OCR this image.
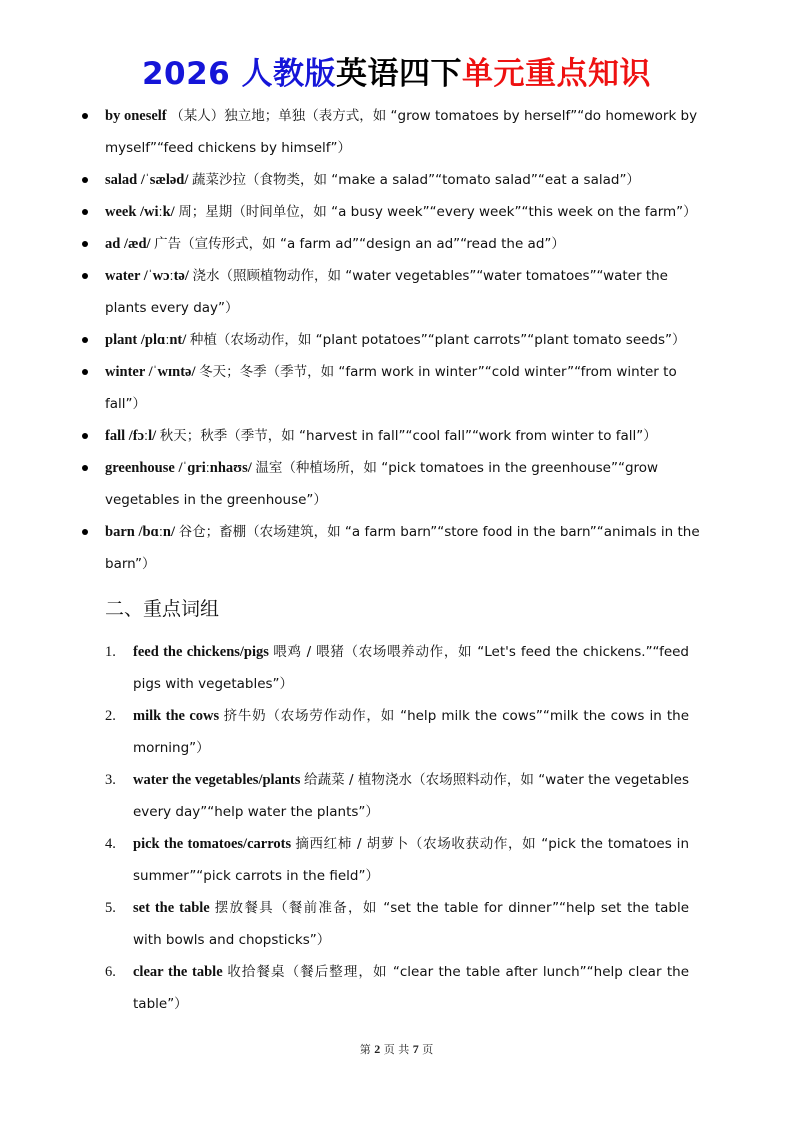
2026 人教版英语四下单元重点知识
by oneself （某人）独立地；单独（表方式，如 “grow tomatoes by herself”“do homework by myself”“feed chickens by himself”）
salad /ˈsæləd/ 蔬菜沙拉（食物类，如 “make a salad”“tomato salad”“eat a salad”）
week /wiːk/ 周；星期（时间单位，如 “a busy week”“every week”“this week on the farm”）
ad /æd/ 广告（宣传形式，如 “a farm ad”“design an ad”“read the ad”）
water /ˈwɔːtə/ 浇水（照顾植物动作，如 “water vegetables”“water tomatoes”“water the plants every day”）
plant /plɑːnt/ 种植（农场动作，如 “plant potatoes”“plant carrots”“plant tomato seeds”）
winter /ˈwɪntə/ 冬天；冬季（季节，如 “farm work in winter”“cold winter”“from winter to fall”）
fall /fɔːl/ 秋天；秋季（季节，如 “harvest in fall”“cool fall”“work from winter to fall”）
greenhouse /ˈɡriːnhaʊs/ 温室（种植场所，如 “pick tomatoes in the greenhouse”“grow vegetables in the greenhouse”）
barn /bɑːn/ 谷仓；畜棚（农场建筑，如 “a farm barn”“store food in the barn”“animals in the barn”）
二、重点词组
1. feed the chickens/pigs 喂鸡 / 喂猪（农场喂养动作，如 “Let's feed the chickens.”“feed pigs with vegetables”）
2. milk the cows 挤牛奶（农场劳作动作，如 “help milk the cows”“milk the cows in the morning”）
3. water the vegetables/plants 给蔬菜 / 植物浇水（农场照料动作，如 “water the vegetables every day”“help water the plants”）
4. pick the tomatoes/carrots 摘西红柿 / 胡萝卜（农场收获动作，如 “pick the tomatoes in summer”“pick carrots in the field”）
5. set the table 摆放餐具（餐前准备，如 “set the table for dinner”“help set the table with bowls and chopsticks”）
6. clear the table 收拾餐桌（餐后整理，如 “clear the table after lunch”“help clear the table”）
第 2 页 共 7 页
